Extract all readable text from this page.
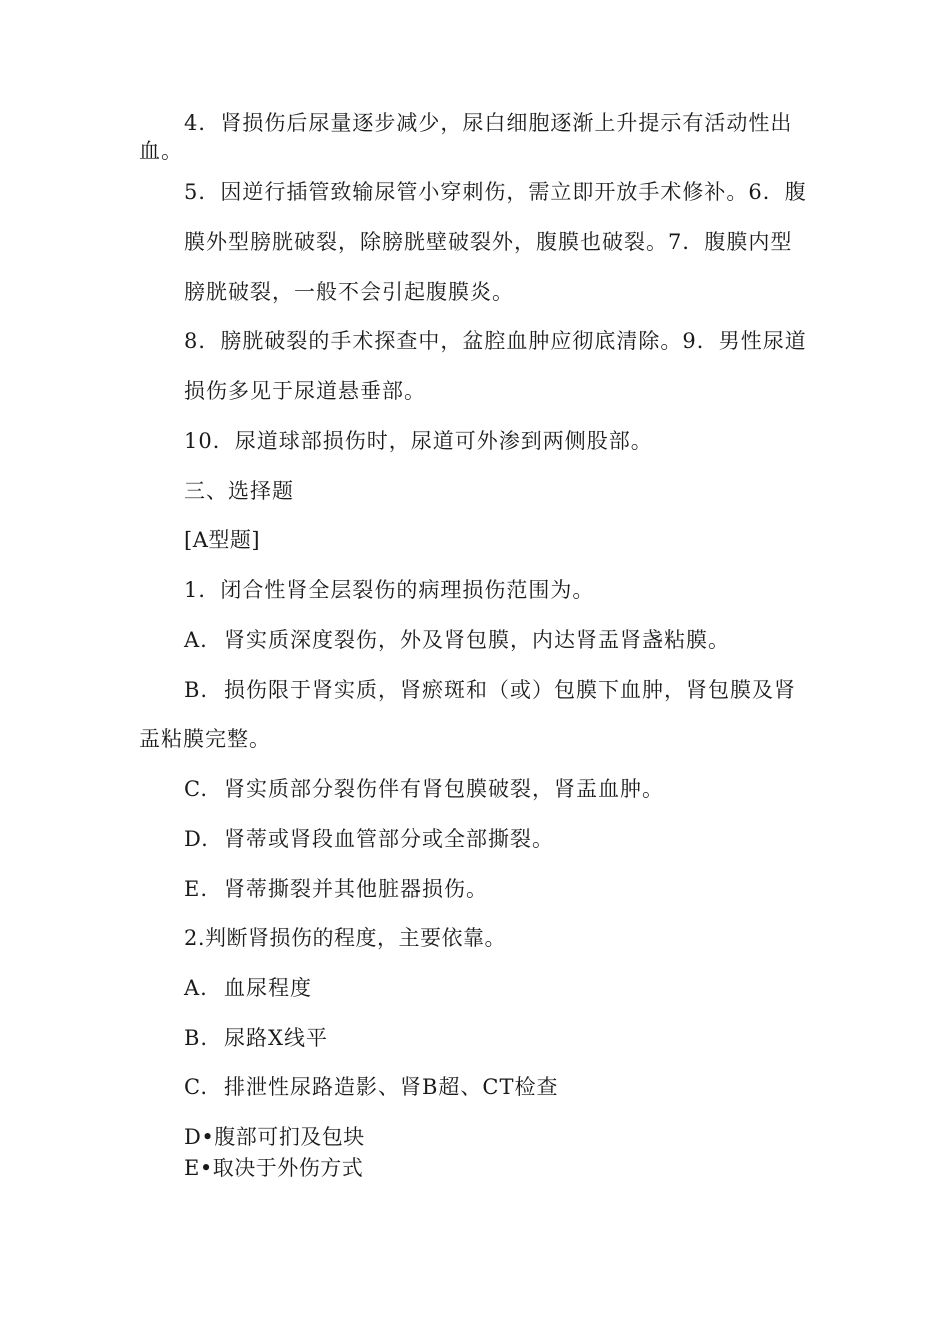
4．肾损伤后尿量逐步减少，尿白细胞逐渐上升提示有活动性出
血。
5．因逆行插管致输尿管小穿刺伤，需立即开放手术修补。6．腹
膜外型膀胱破裂，除膀胱壁破裂外，腹膜也破裂。7．腹膜内型
膀胱破裂，一般不会引起腹膜炎。
8．膀胱破裂的手术探查中，盆腔血肿应彻底清除。9．男性尿道
损伤多见于尿道悬垂部。
10．尿道球部损伤时，尿道可外渗到两侧股部。
三、选择题
[A型题]
1．闭合性肾全层裂伤的病理损伤范围为。
A. 肾实质深度裂伤，外及肾包膜，内达肾盂肾盏粘膜。
B. 损伤限于肾实质，肾瘀斑和（或）包膜下血肿，肾包膜及肾
盂粘膜完整。
C. 肾实质部分裂伤伴有肾包膜破裂，肾盂血肿。
D. 肾蒂或肾段血管部分或全部撕裂。
E. 肾蒂撕裂并其他脏器损伤。
2.判断肾损伤的程度，主要依靠。
A. 血尿程度
B. 尿路X线平
C. 排泄性尿路造影、肾B超、CT检查
D•腹部可扪及包块
E•取决于外伤方式
